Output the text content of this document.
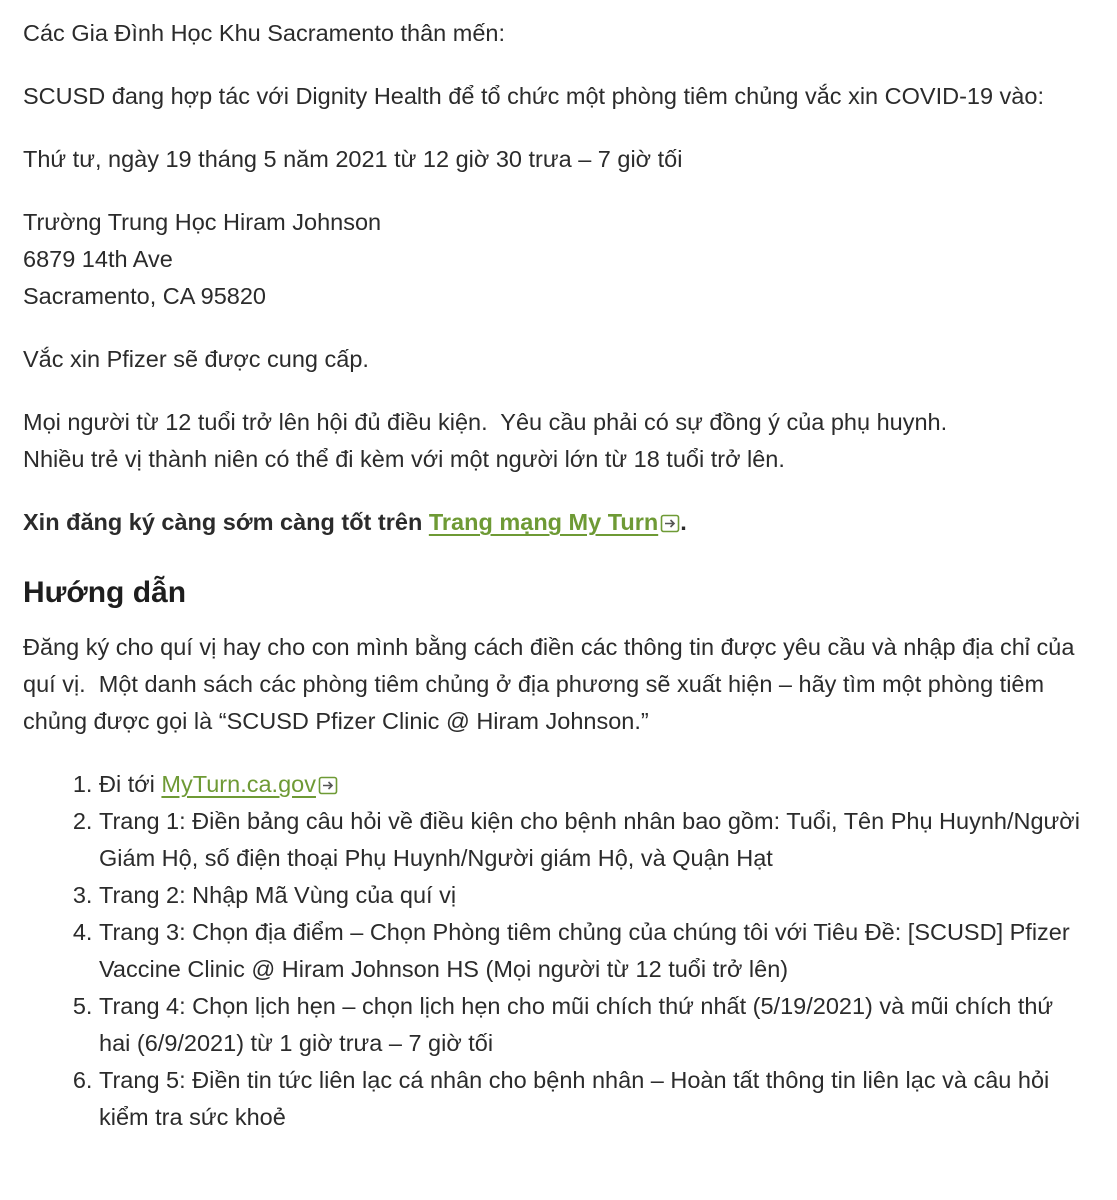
Các Gia Đình Học Khu Sacramento thân mến:

SCUSD đang hợp tác với Dignity Health để tổ chức một phòng tiêm chủng vắc xin COVID-19 vào:

Thứ tư, ngày 19 tháng 5 năm 2021 từ 12 giờ 30 trưa – 7 giờ tối

Trường Trung Học Hiram Johnson
6879 14th Ave
Sacramento, CA 95820

Vắc xin Pfizer sẽ được cung cấp.

Mọi người từ 12 tuổi trở lên hội đủ điều kiện.  Yêu cầu phải có sự đồng ý của phụ huynh.
Nhiều trẻ vị thành niên có thể đi kèm với một người lớn từ 18 tuổi trở lên.

Xin đăng ký càng sớm càng tốt trên Trang mạng My Turn .

Hướng dẫn

Đăng ký cho quí vị hay cho con mình bằng cách điền các thông tin được yêu cầu và nhập địa chỉ của quí vị.  Một danh sách các phòng tiêm chủng ở địa phương sẽ xuất hiện – hãy tìm một phòng tiêm chủng được gọi là “SCUSD Pfizer Clinic @ Hiram Johnson.”

1. Đi tới MyTurn.ca.gov
2. Trang 1: Điền bảng câu hỏi về điều kiện cho bệnh nhân bao gồm: Tuổi, Tên Phụ Huynh/Người Giám Hộ, số điện thoại Phụ Huynh/Người giám Hộ, và Quận Hạt
3. Trang 2: Nhập Mã Vùng của quí vị
4. Trang 3: Chọn địa điểm – Chọn Phòng tiêm chủng của chúng tôi với Tiêu Đề: [SCUSD] Pfizer Vaccine Clinic @ Hiram Johnson HS (Mọi người từ 12 tuổi trở lên)
5. Trang 4: Chọn lịch hẹn – chọn lịch hẹn cho mũi chích thứ nhất (5/19/2021) và mũi chích thứ hai (6/9/2021) từ 1 giờ trưa – 7 giờ tối
6. Trang 5: Điền tin tức liên lạc cá nhân cho bệnh nhân – Hoàn tất thông tin liên lạc và câu hỏi kiểm tra sức khoẻ
